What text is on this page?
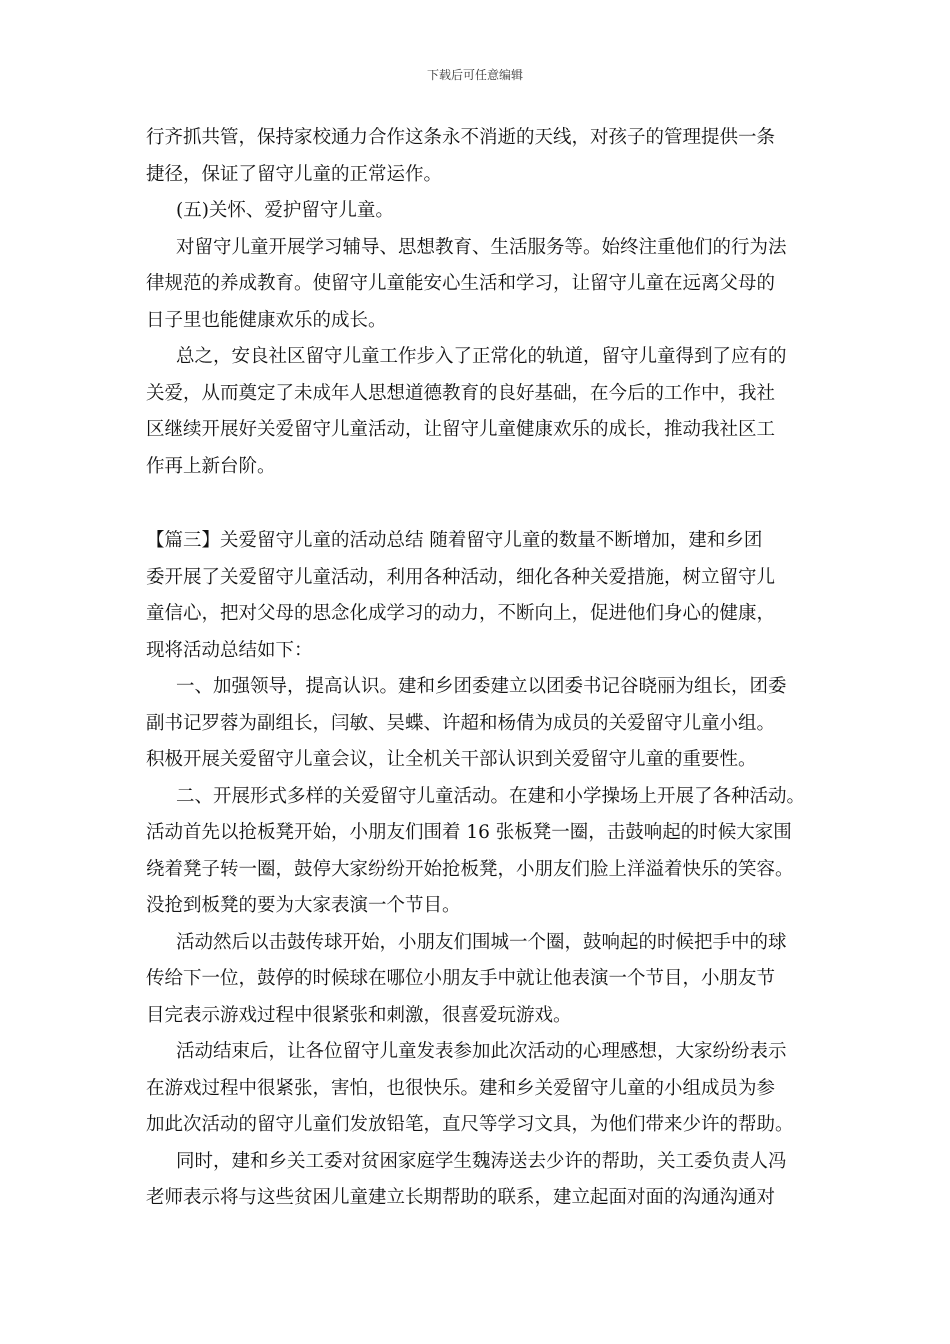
下载后可任意编辑
行齐抓共管，保持家校通力合作这条永不消逝的天线，对孩子的管理提供一条
捷径，保证了留守儿童的正常运作。
(五)关怀、爱护留守儿童。
对留守儿童开展学习辅导、思想教育、生活服务等。始终注重他们的行为法
律规范的养成教育。使留守儿童能安心生活和学习，让留守儿童在远离父母的
日子里也能健康欢乐的成长。
总之，安良社区留守儿童工作步入了正常化的轨道，留守儿童得到了应有的
关爱，从而奠定了未成年人思想道德教育的良好基础，在今后的工作中，我社
区继续开展好关爱留守儿童活动，让留守儿童健康欢乐的成长，推动我社区工
作再上新台阶。
【篇三】关爱留守儿童的活动总结 随着留守儿童的数量不断增加，建和乡团
委开展了关爱留守儿童活动，利用各种活动，细化各种关爱措施，树立留守儿
童信心，把对父母的思念化成学习的动力，不断向上，促进他们身心的健康，
现将活动总结如下：
一、加强领导，提高认识。建和乡团委建立以团委书记谷晓丽为组长，团委
副书记罗蓉为副组长，闫敏、吴蝶、许超和杨倩为成员的关爱留守儿童小组。
积极开展关爱留守儿童会议，让全机关干部认识到关爱留守儿童的重要性。
二、开展形式多样的关爱留守儿童活动。在建和小学操场上开展了各种活动。
活动首先以抢板凳开始，小朋友们围着 16 张板凳一圈，击鼓响起的时候大家围
绕着凳子转一圈，鼓停大家纷纷开始抢板凳，小朋友们脸上洋溢着快乐的笑容。
没抢到板凳的要为大家表演一个节目。
活动然后以击鼓传球开始，小朋友们围城一个圈，鼓响起的时候把手中的球
传给下一位，鼓停的时候球在哪位小朋友手中就让他表演一个节目，小朋友节
目完表示游戏过程中很紧张和刺激，很喜爱玩游戏。
活动结束后，让各位留守儿童发表参加此次活动的心理感想，大家纷纷表示
在游戏过程中很紧张，害怕，也很快乐。建和乡关爱留守儿童的小组成员为参
加此次活动的留守儿童们发放铅笔，直尺等学习文具，为他们带来少许的帮助。
同时，建和乡关工委对贫困家庭学生魏涛送去少许的帮助，关工委负责人冯
老师表示将与这些贫困儿童建立长期帮助的联系，建立起面对面的沟通沟通对
